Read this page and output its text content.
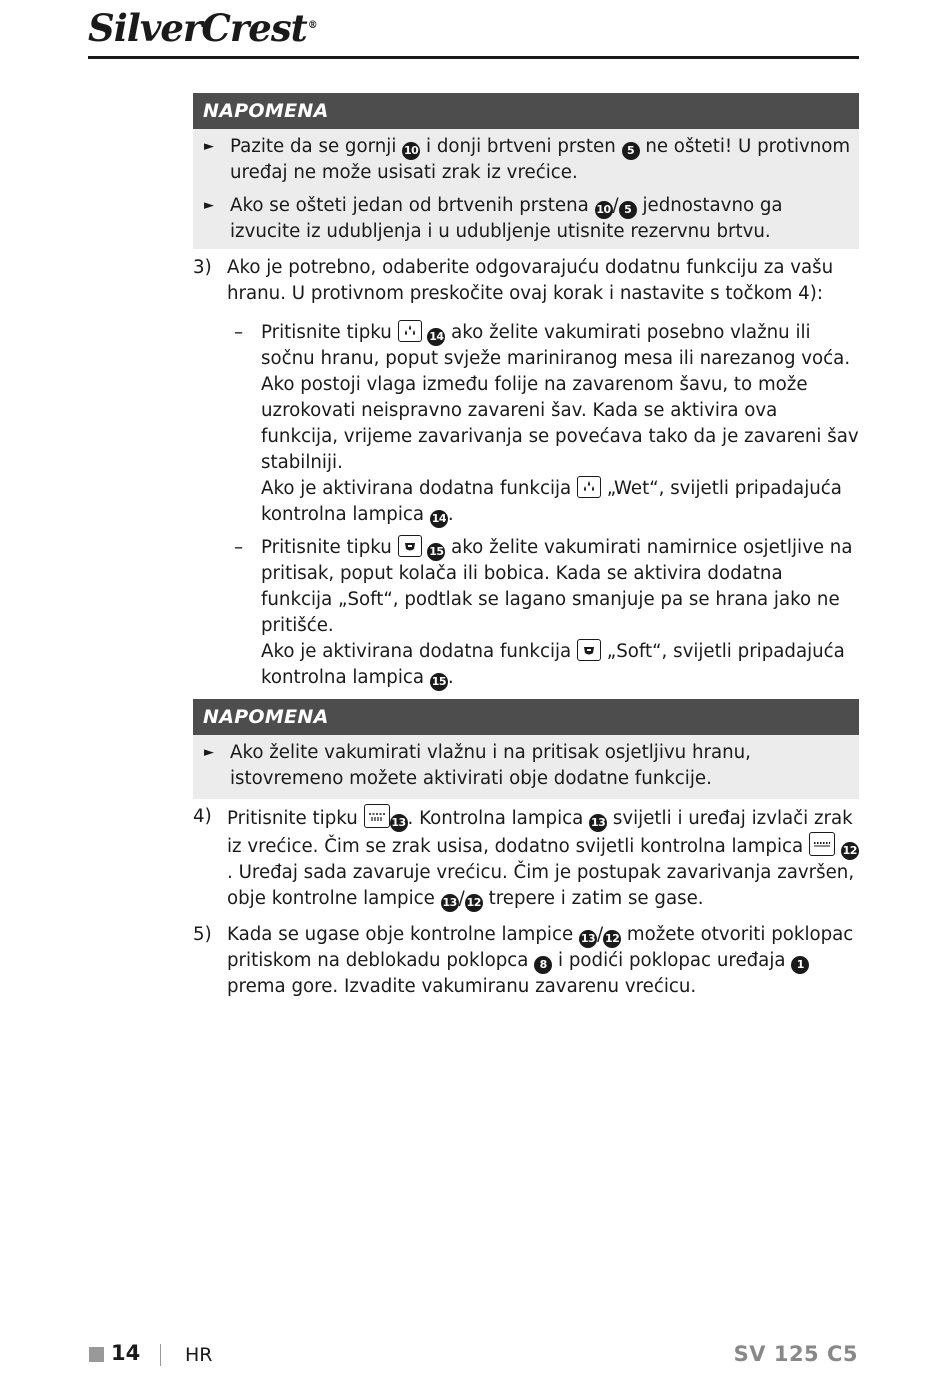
SilverCrest®
NAPOMENA
► Pazite da se gornji 10 i donji brtveni prsten 5 ne ošteti! U protivnom uređaj ne može usisati zrak iz vrećice.
► Ako se ošteti jedan od brtvenih prstena 10 / 5 jednostavno ga izvucite iz udubljenja i u udubljenje utisnite rezervnu brtvu.
3) Ako je potrebno, odaberite odgovarajuću dodatnu funkciju za vašu hranu. U protivnom preskočite ovaj korak i nastavite s točkom 4):
– Pritisnite tipku	14 ako želite vakumirati posebno vlažnu ili sočnu hranu, poput svježe mariniranog mesa ili narezanog voća.
Ako postoji vlaga između folije na zavarenom šavu, to može uzrokovati neispravno zavareni šav. Kada se aktivira ova funkcija, vrijeme zavarivanja se povećava tako da je zavareni šav stabilniji.
Ako je aktivirana dodatna funkcija „Wet“, svijetli pripadajuća kontrolna lampica 14 .
– Pritisnite tipku	15 ako želite vakumirati namirnice osjetljive na pritisak, poput kolača ili bobica. Kada se aktivira dodatna funkcija „Soft“, podtlak se lagano smanjuje pa se hrana jako ne pritišće.
Ako je aktivirana dodatna funkcija „Soft“, svijetli pripadajuća kontrolna lampica 15 .
NAPOMENA
► Ako želite vakumirati vlažnu i na pritisak osjetljivu hranu, istovremeno možete aktivirati obje dodatne funkcije.
4) Pritisnite tipku	13 . Kontrolna lampica 13 svijetli i uređaj izvlači zrak iz vrećice. Čim se zrak usisa, dodatno svijetli kontrolna lampica	12. Uređaj sada zavaruje vrećicu. Čim je postupak zavarivanja završen, obje kontrolne lampice 13 / 12 trepere i zatim se gase.
5) Kada se ugase obje kontrolne lampice 13 / 12 možete otvoriti poklopac pritiskom na deblokadu poklopca 8 i podići poklopac uređaja 1 prema gore. Izvadite vakumiranu zavarenu vrećicu.
14 HR	SV 125 C5
